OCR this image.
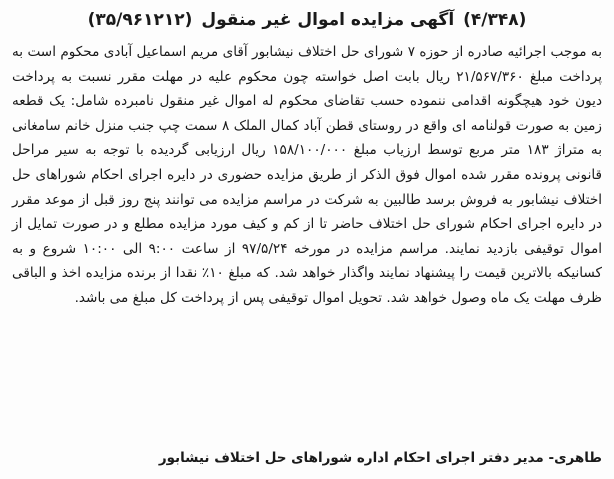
(۴/۳۴۸) آگهی مزایده اموال غیر منقول (۳۵/۹۶۱۲۱۲)

به موجب اجرائیه صادره از حوزه ۷ شورای حل اختلاف نیشابور آقای مریم اسماعیل آبادی محکوم است به پرداخت مبلغ ۲۱/۵۶۷/۳۶۰ ریال بابت اصل خواسته چون محکوم علیه در مهلت مقرر نسبت به پرداخت دیون خود هیچگونه اقدامی ننموده حسب تقاضای محکوم له اموال غیر منقول نامبرده شامل: یک قطعه زمین به صورت قولنامه ای واقع در روستای قطن آباد کمال الملک ۸ سمت چپ جنب منزل خانم سامغانی به متراژ ۱۸۳ متر مربع توسط ارزیاب مبلغ ۱۵۸/۱۰۰/۰۰۰ ریال ارزیابی گردیده با توجه به سیر مراحل قانونی پرونده مقرر شده اموال فوق الذکر از طریق مزایده حضوری در دایره اجرای احکام شوراهای حل اختلاف نیشابور به فروش برسد طالبین به شرکت در مراسم مزایده می توانند پنج روز قبل از موعد مقرر در دایره اجرای احکام شورای حل اختلاف حاضر تا از کم و کیف مورد مزایده مطلع و در صورت تمایل از اموال توقیفی بازدید نمایند. مراسم مزایده در مورخه ۹۷/۵/۲۴ از ساعت ۹:۰۰ الی ۱۰:۰۰ شروع و به کسانیکه بالاترین قیمت را پیشنهاد نمایند واگذار خواهد شد. که مبلغ ۱۰٪ نقدا از برنده مزایده اخذ و الباقی ظرف مهلت یک ماه وصول خواهد شد. تحویل اموال توقیفی پس از پرداخت کل مبلغ می باشد.

طاهری- مدیر دفتر اجرای احکام اداره شوراهای حل اختلاف نیشابور
